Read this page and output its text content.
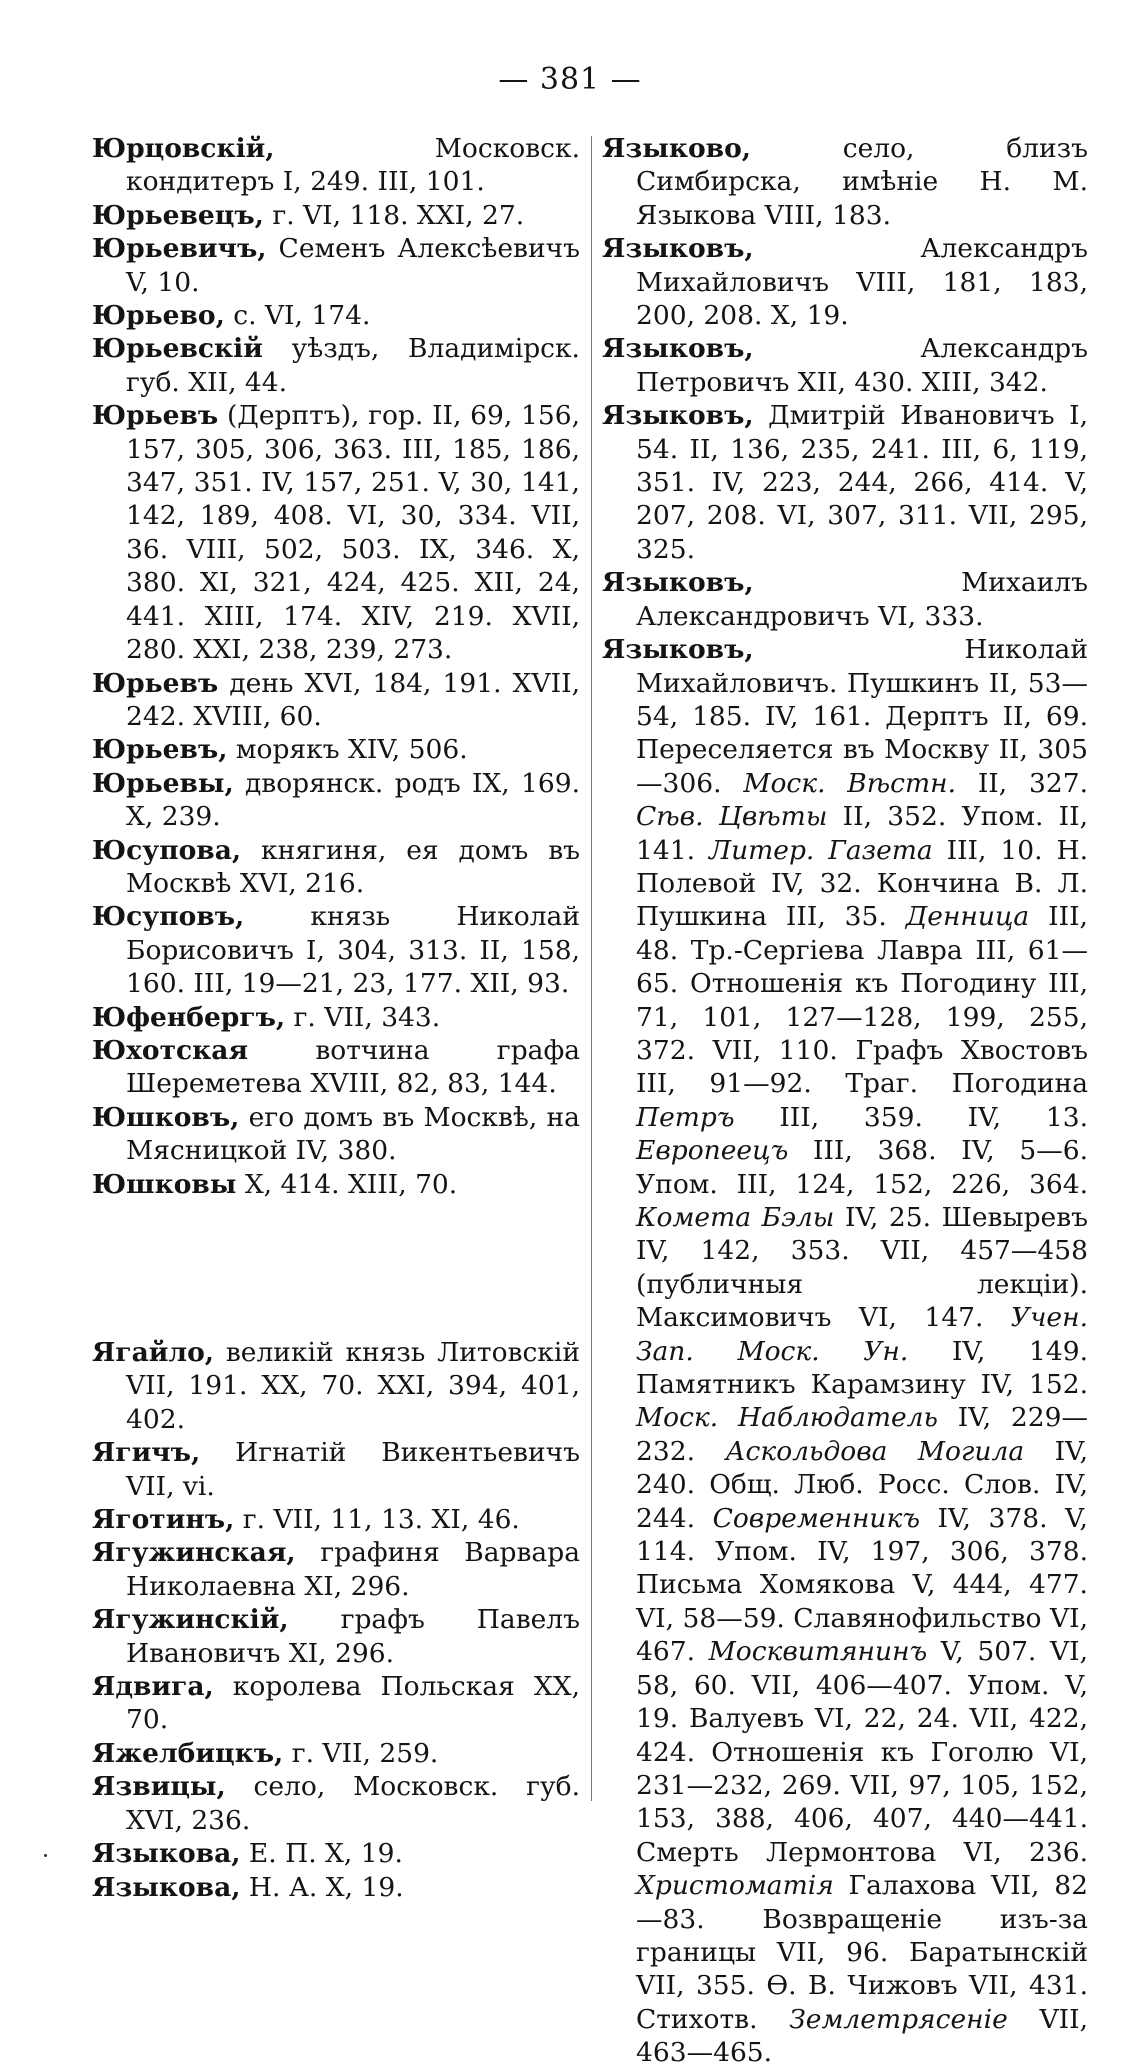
— 381 —

Юрцовскій, Московск. кондитеръ I, 249. III, 101.

Юрьевецъ, г. VI, 118. XXI, 27.

Юрьевичъ, Семенъ Алексѣевичъ V, 10.

Юрьево, с. VI, 174.

Юрьевскій уѣздъ, Владимірск. губ. XII, 44.

Юрьевъ (Дерптъ), гор. II, 69, 156, 157, 305, 306, 363. III, 185, 186, 347, 351. IV, 157, 251. V, 30, 141, 142, 189, 408. VI, 30, 334. VII, 36. VIII, 502, 503. IX, 346. X, 380. XI, 321, 424, 425. XII, 24, 441. XIII, 174. XIV, 219. XVII, 280. XXI, 238, 239, 273.

Юрьевъ день XVI, 184, 191. XVII, 242. XVIII, 60.

Юрьевъ, морякъ XIV, 506.

Юрьевы, дворянск. родъ IX, 169. X, 239.

Юсупова, княгиня, ея домъ въ Москвѣ XVI, 216.

Юсуповъ, князь Николай Борисовичъ I, 304, 313. II, 158, 160. III, 19—21, 23, 177. XII, 93.

Юфенбергъ, г. VII, 343.

Юхотская вотчина графа Шереметева XVIII, 82, 83, 144.

Юшковъ, его домъ въ Москвѣ, на Мясницкой IV, 380.

Юшковы X, 414. XIII, 70.

Ягайло, великій князь Литовскій VII, 191. XX, 70. XXI, 394, 401, 402.

Ягичъ, Игнатій Викентьевичъ VII, vi.

Яготинъ, г. VII, 11, 13. XI, 46.

Ягужинская, графиня Варвара Николаевна XI, 296.

Ягужинскій, графъ Павелъ Ивановичъ XI, 296.

Ядвига, королева Польская XX, 70.

Яжелбицкъ, г. VII, 259.

Язвицы, село, Московск. губ. XVI, 236.

Языкова, Е. П. X, 19.

Языкова, Н. А. X, 19.

Языково, село, близъ Симбирска, имѣніе Н. М. Языкова VIII, 183.

Языковъ, Александръ Михайловичъ VIII, 181, 183, 200, 208. X, 19.

Языковъ, Александръ Петровичъ XII, 430. XIII, 342.

Языковъ, Дмитрій Ивановичъ I, 54. II, 136, 235, 241. III, 6, 119, 351. IV, 223, 244, 266, 414. V, 207, 208. VI, 307, 311. VII, 295, 325.

Языковъ, Михаилъ Александровичъ VI, 333.

Языковъ, Николай Михайловичъ. Пушкинъ II, 53—54, 185. IV, 161. Дерптъ II, 69. Переселяется въ Москву II, 305—306. Моск. Вѣстн. II, 327. Сѣв. Цвѣты II, 352. Упом. II, 141. Литер. Газета III, 10. Н. Полевой IV, 32. Кончина В. Л. Пушкина III, 35. Денница III, 48. Тр.-Сергіева Лавра III, 61—65. Отношенія къ Погодину III, 71, 101, 127—128, 199, 255, 372. VII, 110. Графъ Хвостовъ III, 91—92. Траг. Погодина Петръ III, 359. IV, 13. Европеецъ III, 368. IV, 5—6. Упом. III, 124, 152, 226, 364. Комета Бэлы IV, 25. Шевыревъ IV, 142, 353. VII, 457—458 (публичныя лекціи). Максимовичъ VI, 147. Учен. Зап. Моск. Ун. IV, 149. Памятникъ Карамзину IV, 152. Моск. Наблюдатель IV, 229—232. Аскольдова Могила IV, 240. Общ. Люб. Росс. Слов. IV, 244. Современникъ IV, 378. V, 114. Упом. IV, 197, 306, 378. Письма Хомякова V, 444, 477. VI, 58—59. Славянофильство VI, 467. Москвитянинъ V, 507. VI, 58, 60. VII, 406—407. Упом. V, 19. Валуевъ VI, 22, 24. VII, 422, 424. Отношенія къ Гоголю VI, 231—232, 269. VII, 97, 105, 152, 153, 388, 406, 407, 440—441. Смерть Лермонтова VI, 236. Христоматія Галахова VII, 82—83. Возвращеніе изъ-за границы VII, 96. Баратынскій VII, 355. Ѳ. В. Чижовъ VII, 431. Стихотв. Землетрясеніе VII, 463—465.
